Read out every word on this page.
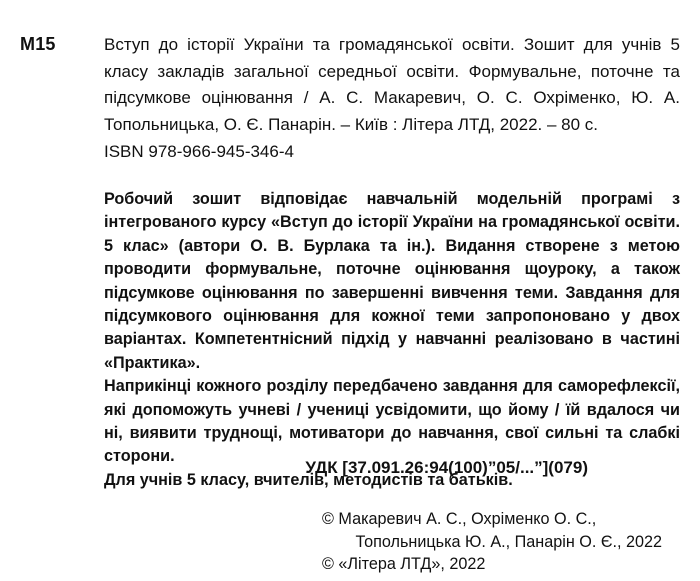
М15	Вступ до історії України та громадянської освіти. Зошит для учнів 5 класу закладів загальної середньої освіти. Формувальне, поточне та підсумкове оцінювання / А. С. Макаревич, О. С. Охріменко, Ю. А. Топольницька, О. Є. Панарін. – Київ : Літера ЛТД, 2022. – 80 с.
ISBN 978-966-945-346-4

Робочий зошит відповідає навчальній модельній програмі з інтегрованого курсу «Вступ до історії України на громадянської освіти. 5 клас» (автори О. В. Бурлака та ін.). Видання створене з метою проводити формувальне, поточне оцінювання щоуроку, а також підсумкове оцінювання по завершенні вивчення теми. Завдання для підсумкового оцінювання для кожної теми запропоновано у двох варіантах. Компетентнісний підхід у навчанні реалізовано в частині «Практика».

Наприкінці кожного розділу передбачено завдання для саморефлексії, які допоможуть учневі / учениці усвідомити, що йому / їй вдалося чи ні, виявити труднощі, мотиватори до навчання, свої сильні та слабкі сторони.

Для учнів 5 класу, вчителів, методистів та батьків.

УДК [37.091.26:94(100)”05/...”](079)
© Макаревич А. С., Охріменко О. С.,
Топольницька Ю. А., Панарін О. Є., 2022
© «Літера ЛТД», 2022
